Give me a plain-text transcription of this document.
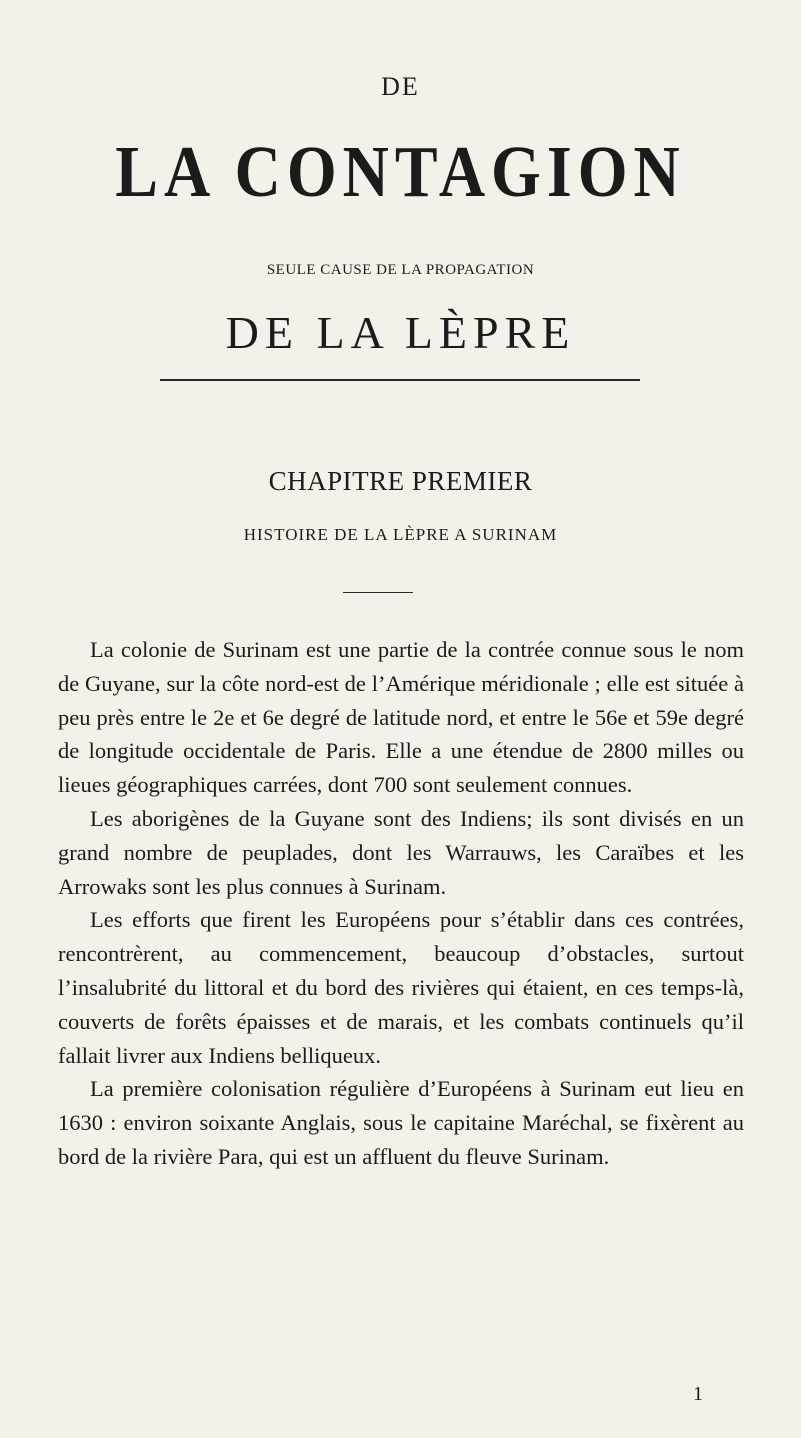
DE
LA CONTAGION
SEULE CAUSE DE LA PROPAGATION
DE LA LÈPRE
CHAPITRE PREMIER
HISTOIRE DE LA LÈPRE A SURINAM

La colonie de Surinam est une partie de la contrée connue sous le nom de Guyane, sur la côte nord-est de l’Amérique méridionale ; elle est située à peu près entre le 2e et 6e degré de latitude nord, et entre le 56e et 59e degré de longitude occidentale de Paris. Elle a une étendue de 2800 milles ou lieues géographiques carrées, dont 700 sont seulement connues.

Les aborigènes de la Guyane sont des Indiens; ils sont divisés en un grand nombre de peuplades, dont les Warrauws, les Caraïbes et les Arrowaks sont les plus connues à Surinam.

Les efforts que firent les Européens pour s’établir dans ces contrées, rencontrèrent, au commencement, beaucoup d’obstacles, surtout l’insalubrité du littoral et du bord des rivières qui étaient, en ces temps-là, couverts de forêts épaisses et de marais, et les combats continuels qu’il fallait livrer aux Indiens belliqueux.

La première colonisation régulière d’Européens à Surinam eut lieu en 1630 : environ soixante Anglais, sous le capitaine Maréchal, se fixèrent au bord de la rivière Para, qui est un affluent du fleuve Surinam.

1
